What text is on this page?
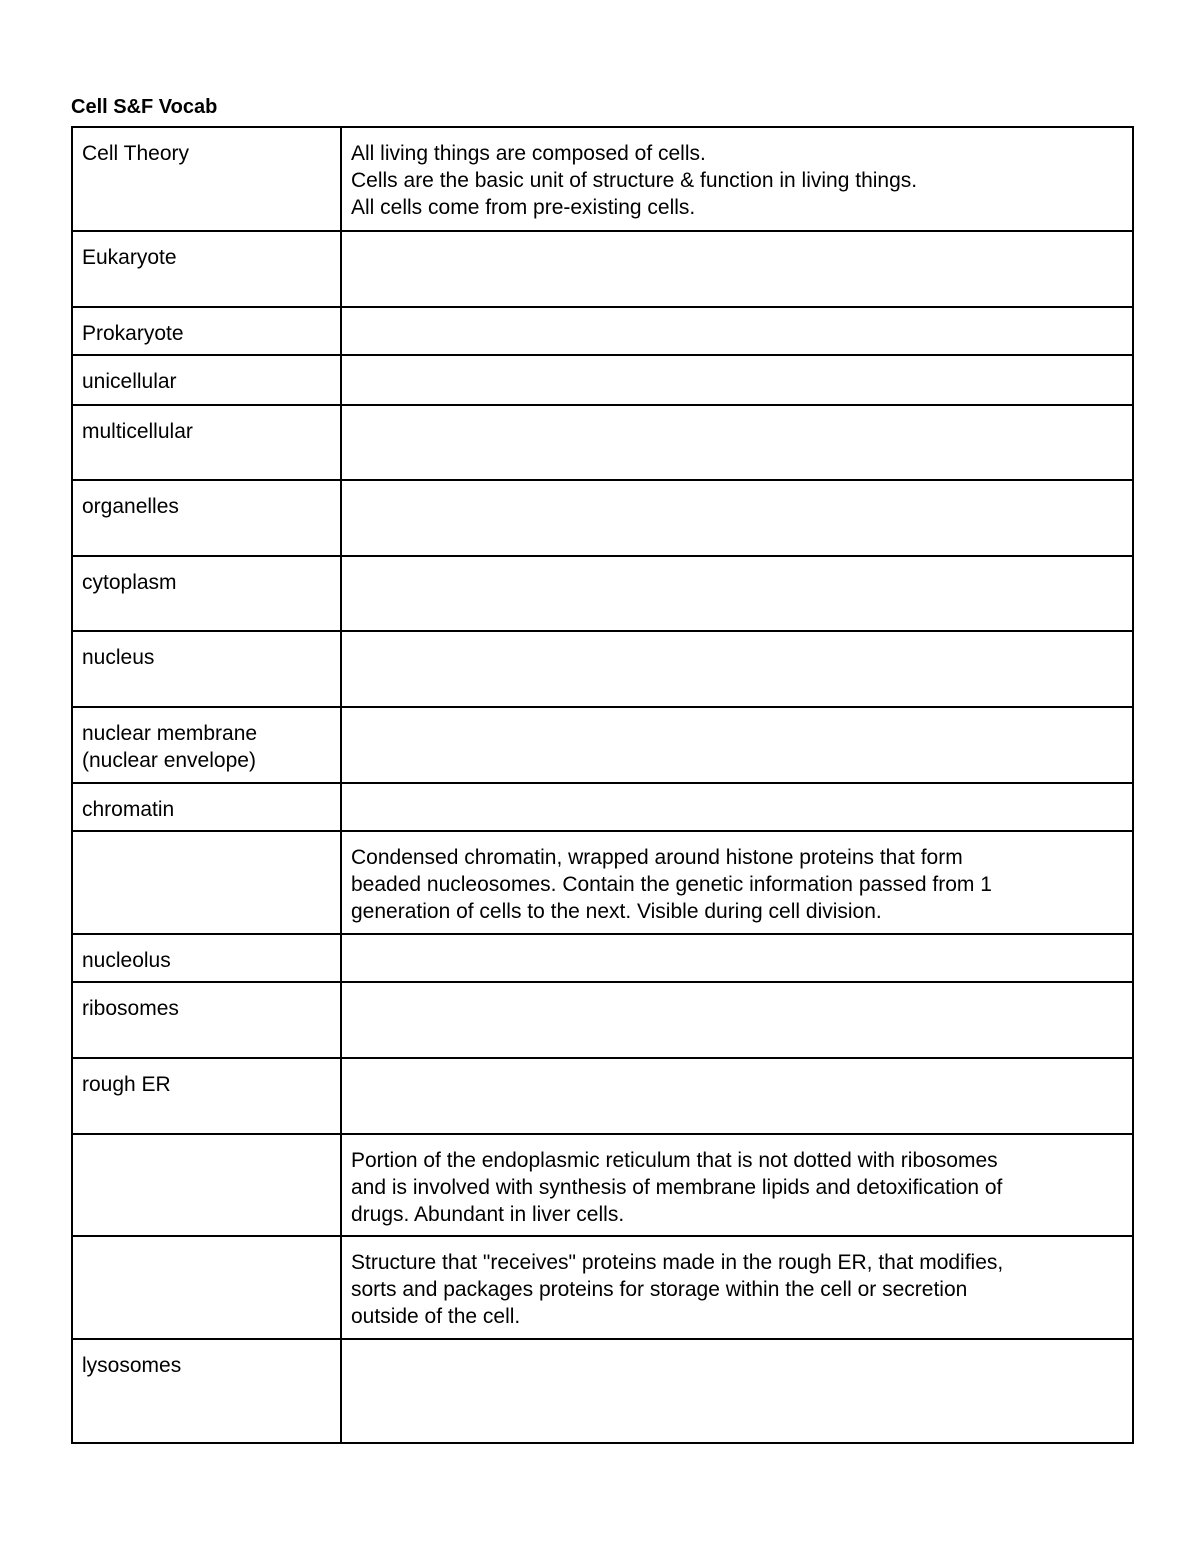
Cell S&F Vocab
Cell Theory	All living things are composed of cells.
Cells are the basic unit of structure & function in living things.
All cells come from pre-existing cells.

Eukaryote	
Prokaryote	
unicellular	
multicellular	
organelles	
cytoplasm	
nucleus	
nuclear membrane (nuclear envelope)	
chromatin	

	Condensed chromatin, wrapped around histone proteins that form
beaded nucleosomes. Contain the genetic information passed from 1
generation of cells to the next. Visible during cell division.

nucleolus	
ribosomes	
rough ER	

	Portion of the endoplasmic reticulum that is not dotted with ribosomes
and is involved with synthesis of membrane lipids and detoxification of
drugs. Abundant in liver cells.

	Structure that "receives" proteins made in the rough ER, that modifies,
sorts and packages proteins for storage within the cell or secretion
outside of the cell.

lysosomes	
